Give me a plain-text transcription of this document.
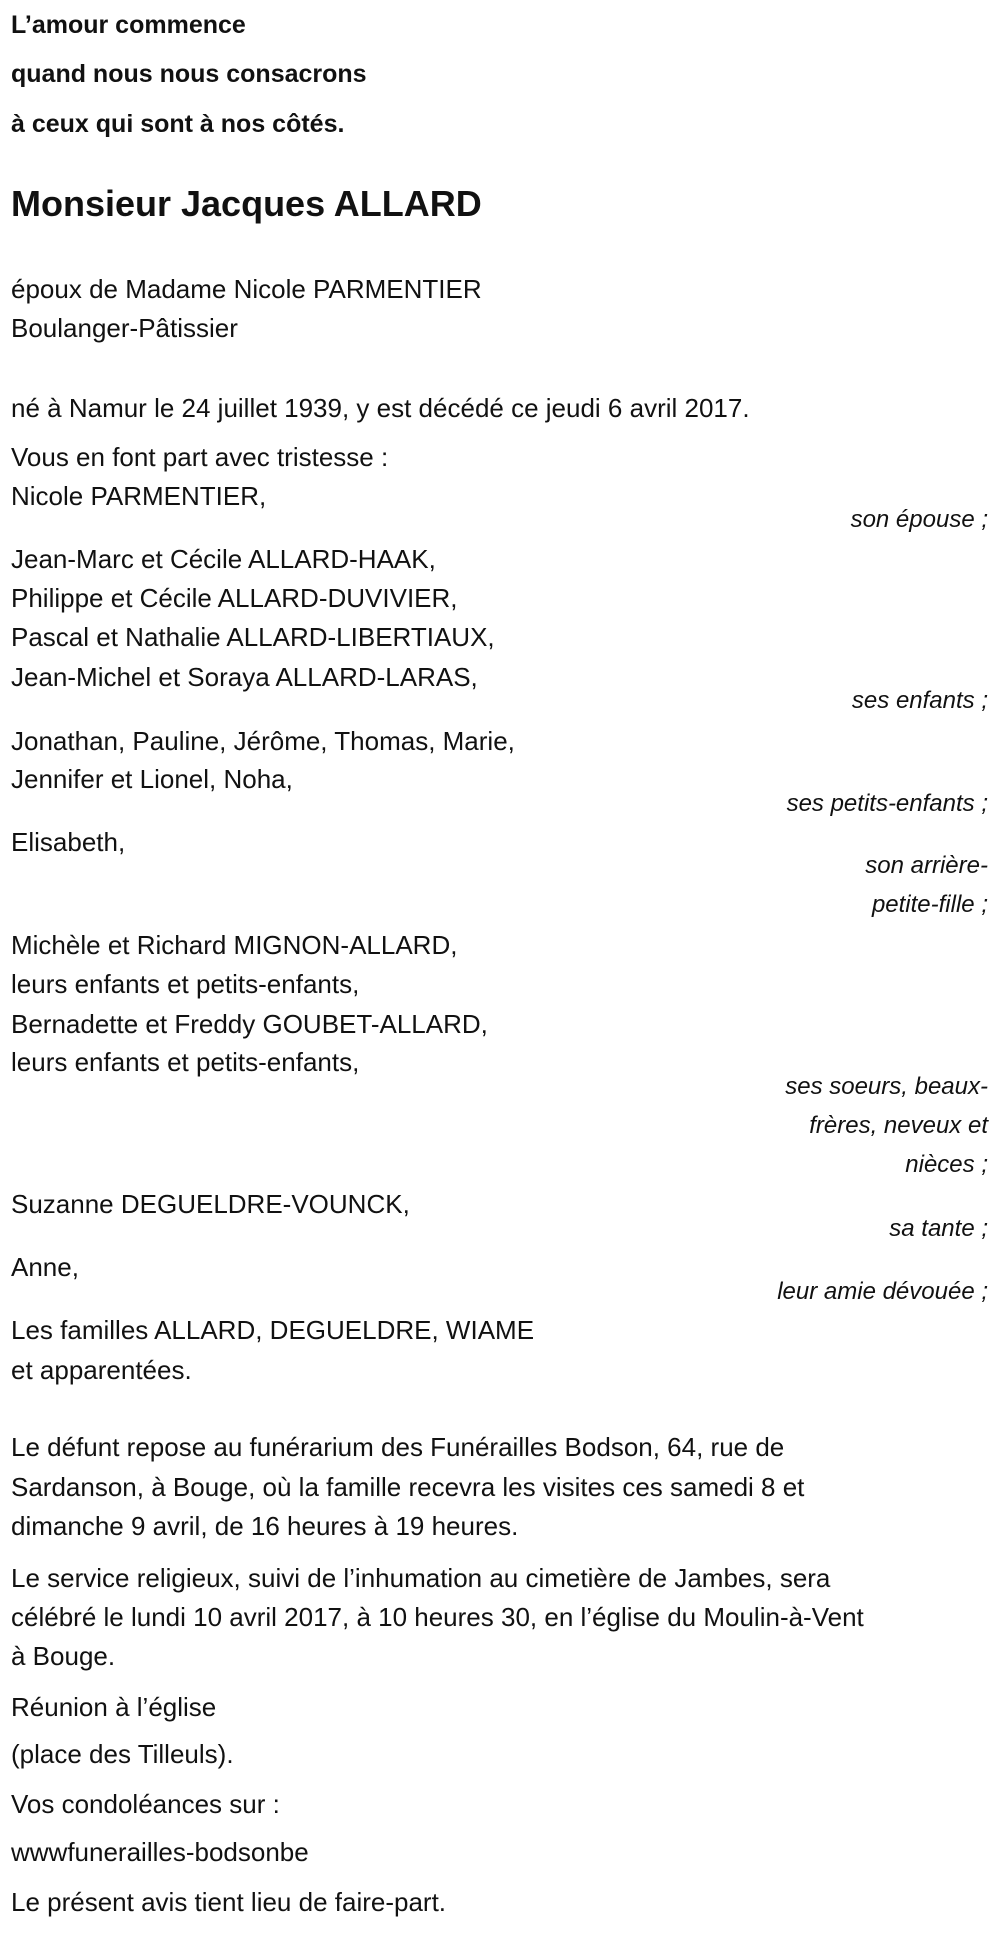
L’amour commence
quand nous nous consacrons
à ceux qui sont à nos côtés.
Monsieur Jacques ALLARD
époux de Madame Nicole PARMENTIER
Boulanger-Pâtissier
né à Namur le 24 juillet 1939, y est décédé ce jeudi 6 avril 2017.
Vous en font part avec tristesse :
Nicole PARMENTIER,
son épouse ;
Jean-Marc et Cécile ALLARD-HAAK,
Philippe et Cécile ALLARD-DUVIVIER,
Pascal et Nathalie ALLARD-LIBERTIAUX,
Jean-Michel et Soraya ALLARD-LARAS,
ses enfants ;
Jonathan, Pauline, Jérôme, Thomas, Marie,
Jennifer et Lionel, Noha,
ses petits-enfants ;
Elisabeth,
son arrière-
petite-fille ;
Michèle et Richard MIGNON-ALLARD,
leurs enfants et petits-enfants,
Bernadette et Freddy GOUBET-ALLARD,
leurs enfants et petits-enfants,
ses soeurs, beaux-
frères, neveux et
nièces ;
Suzanne DEGUELDRE-VOUNCK,
sa tante ;
Anne,
leur amie dévouée ;
Les familles ALLARD, DEGUELDRE, WIAME
et apparentées.
Le défunt repose au funérarium des Funérailles Bodson, 64, rue de
Sardanson, à Bouge, où la famille recevra les visites ces samedi 8 et
dimanche 9 avril, de 16 heures à 19 heures.
Le service religieux, suivi de l’inhumation au cimetière de Jambes, sera
célébré le lundi 10 avril 2017, à 10 heures 30, en l’église du Moulin-à-Vent
à Bouge.
Réunion à l’église
(place des Tilleuls).
Vos condoléances sur :
wwwfunerailles-bodsonbe
Le présent avis tient lieu de faire-part.
